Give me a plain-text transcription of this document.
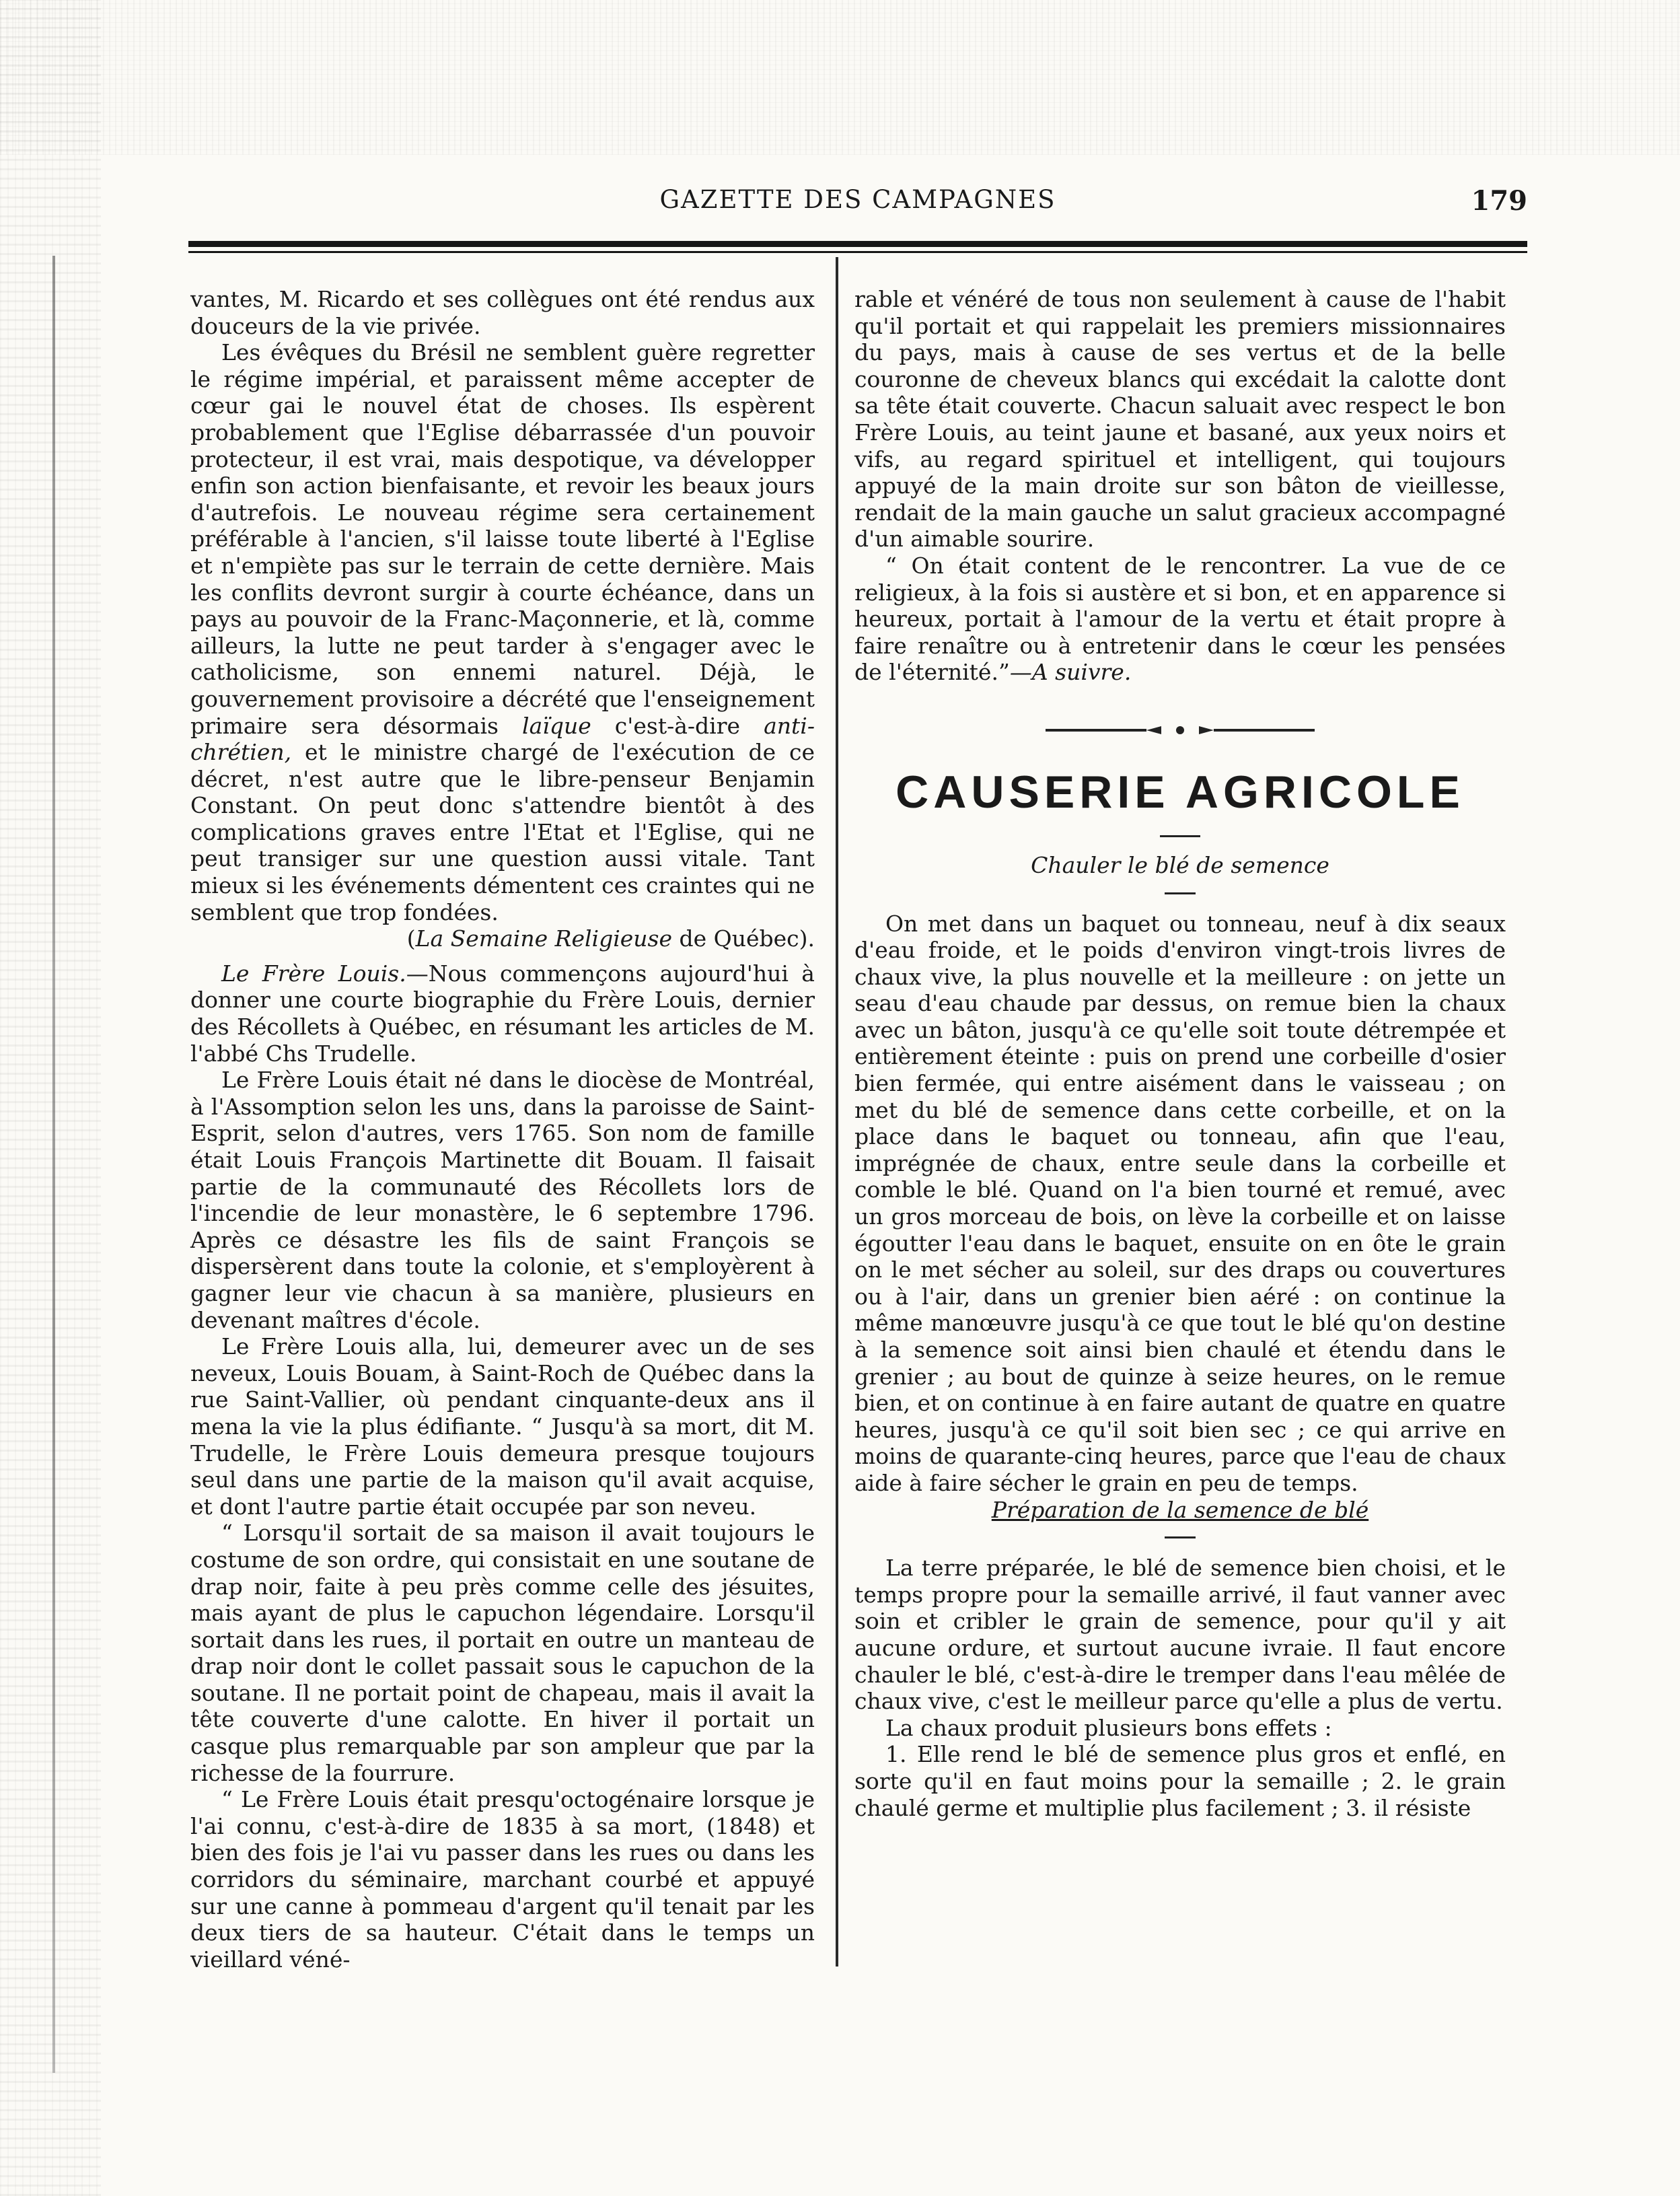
GAZETTE DES CAMPAGNES	179

vantes, M. Ricardo et ses collègues ont été rendus aux douceurs de la vie privée.

Les évêques du Brésil ne semblent guère regretter le régime impérial, et paraissent même accepter de cœur gai le nouvel état de choses. Ils espèrent probablement que l'Eglise débarrassée d'un pouvoir protecteur, il est vrai, mais despotique, va développer enfin son action bienfaisante, et revoir les beaux jours d'autrefois. Le nouveau régime sera certainement préférable à l'ancien, s'il laisse toute liberté à l'Eglise et n'empiète pas sur le terrain de cette dernière. Mais les conflits devront surgir à courte échéance, dans un pays au pouvoir de la Franc-Maçonnerie, et là, comme ailleurs, la lutte ne peut tarder à s'engager avec le catholicisme, son ennemi naturel. Déjà, le gouvernement provisoire a décrété que l'enseignement primaire sera désormais laïque c'est-à-dire anti-chrétien, et le ministre chargé de l'exécution de ce décret, n'est autre que le libre-penseur Benjamin Constant. On peut donc s'attendre bientôt à des complications graves entre l'Etat et l'Eglise, qui ne peut transiger sur une question aussi vitale. Tant mieux si les événements démentent ces craintes qui ne semblent que trop fondées.

(La Semaine Religieuse de Québec).

Le Frère Louis.—Nous commençons aujourd'hui à donner une courte biographie du Frère Louis, dernier des Récollets à Québec, en résumant les articles de M. l'abbé Chs Trudelle.

Le Frère Louis était né dans le diocèse de Montréal, à l'Assomption selon les uns, dans la paroisse de Saint-Esprit, selon d'autres, vers 1765. Son nom de famille était Louis François Martinette dit Bouam. Il faisait partie de la communauté des Récollets lors de l'incendie de leur monastère, le 6 septembre 1796. Après ce désastre les fils de saint François se dispersèrent dans toute la colonie, et s'employèrent à gagner leur vie chacun à sa manière, plusieurs en devenant maîtres d'école.

Le Frère Louis alla, lui, demeurer avec un de ses neveux, Louis Bouam, à Saint-Roch de Québec dans la rue Saint-Vallier, où pendant cinquante-deux ans il mena la vie la plus édifiante. “ Jusqu'à sa mort, dit M. Trudelle, le Frère Louis demeura presque toujours seul dans une partie de la maison qu'il avait acquise, et dont l'autre partie était occupée par son neveu.

“ Lorsqu'il sortait de sa maison il avait toujours le costume de son ordre, qui consistait en une soutane de drap noir, faite à peu près comme celle des jésuites, mais ayant de plus le capuchon légendaire. Lorsqu'il sortait dans les rues, il portait en outre un manteau de drap noir dont le collet passait sous le capuchon de la soutane. Il ne portait point de chapeau, mais il avait la tête couverte d'une calotte. En hiver il portait un casque plus remarquable par son ampleur que par la richesse de la fourrure.

“ Le Frère Louis était presqu'octogénaire lorsque je l'ai connu, c'est-à-dire de 1835 à sa mort, (1848) et bien des fois je l'ai vu passer dans les rues ou dans les corridors du séminaire, marchant courbé et appuyé sur une canne à pommeau d'argent qu'il tenait par les deux tiers de sa hauteur. C'était dans le temps un vieillard véné-

rable et vénéré de tous non seulement à cause de l'habit qu'il portait et qui rappelait les premiers missionnaires du pays, mais à cause de ses vertus et de la belle couronne de cheveux blancs qui excédait la calotte dont sa tête était couverte. Chacun saluait avec respect le bon Frère Louis, au teint jaune et basané, aux yeux noirs et vifs, au regard spirituel et intelligent, qui toujours appuyé de la main droite sur son bâton de vieillesse, rendait de la main gauche un salut gracieux accompagné d'un aimable sourire.

“ On était content de le rencontrer. La vue de ce religieux, à la fois si austère et si bon, et en apparence si heureux, portait à l'amour de la vertu et était propre à faire renaître ou à entretenir dans le cœur les pensées de l'éternité.”—A suivre.

CAUSERIE AGRICOLE

Chauler le blé de semence

On met dans un baquet ou tonneau, neuf à dix seaux d'eau froide, et le poids d'environ vingt-trois livres de chaux vive, la plus nouvelle et la meilleure : on jette un seau d'eau chaude par dessus, on remue bien la chaux avec un bâton, jusqu'à ce qu'elle soit toute détrempée et entièrement éteinte : puis on prend une corbeille d'osier bien fermée, qui entre aisément dans le vaisseau ; on met du blé de semence dans cette corbeille, et on la place dans le baquet ou tonneau, afin que l'eau, imprégnée de chaux, entre seule dans la corbeille et comble le blé. Quand on l'a bien tourné et remué, avec un gros morceau de bois, on lève la corbeille et on laisse égoutter l'eau dans le baquet, ensuite on en ôte le grain on le met sécher au soleil, sur des draps ou couvertures ou à l'air, dans un grenier bien aéré : on continue la même manœuvre jusqu'à ce que tout le blé qu'on destine à la semence soit ainsi bien chaulé et étendu dans le grenier ; au bout de quinze à seize heures, on le remue bien, et on continue à en faire autant de quatre en quatre heures, jusqu'à ce qu'il soit bien sec ; ce qui arrive en moins de quarante-cinq heures, parce que l'eau de chaux aide à faire sécher le grain en peu de temps.

Préparation de la semence de blé

La terre préparée, le blé de semence bien choisi, et le temps propre pour la semaille arrivé, il faut vanner avec soin et cribler le grain de semence, pour qu'il y ait aucune ordure, et surtout aucune ivraie. Il faut encore chauler le blé, c'est-à-dire le tremper dans l'eau mêlée de chaux vive, c'est le meilleur parce qu'elle a plus de vertu.

La chaux produit plusieurs bons effets :

1. Elle rend le blé de semence plus gros et enflé, en sorte qu'il en faut moins pour la semaille ; 2. le grain chaulé germe et multiplie plus facilement ; 3. il résiste
